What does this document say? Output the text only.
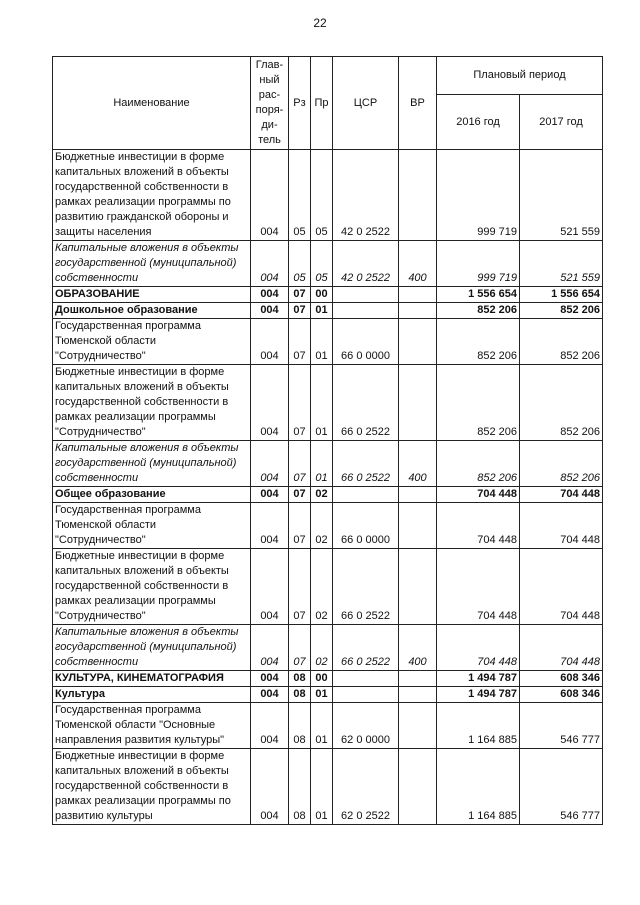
22
Наименование	Глав-ный рас-поря-ди-тель	Рз	Пр	ЦСР	ВР	Плановый период	
						2016 год	2017 год
Бюджетные инвестиции в форме капитальных вложений в объекты государственной собственности в рамках реализации программы по развитию гражданской обороны и защиты населения	004	05	05	42 0 2522		999 719	521 559
Капитальные вложения в объекты государственной (муниципальной) собственности	004	05	05	42 0 2522	400	999 719	521 559
ОБРАЗОВАНИЕ	004	07	00			1 556 654	1 556 654
Дошкольное образование	004	07	01			852 206	852 206
Государственная программа Тюменской области "Сотрудничество"	004	07	01	66 0 0000		852 206	852 206
Бюджетные инвестиции в форме капитальных вложений в объекты государственной собственности в рамках реализации программы "Сотрудничество"	004	07	01	66 0 2522		852 206	852 206
Капитальные вложения в объекты государственной (муниципальной) собственности	004	07	01	66 0 2522	400	852 206	852 206
Общее образование	004	07	02			704 448	704 448
Государственная программа Тюменской области "Сотрудничество"	004	07	02	66 0 0000		704 448	704 448
Бюджетные инвестиции в форме капитальных вложений в объекты государственной собственности в рамках реализации программы "Сотрудничество"	004	07	02	66 0 2522		704 448	704 448
Капитальные вложения в объекты государственной (муниципальной) собственности	004	07	02	66 0 2522	400	704 448	704 448
КУЛЬТУРА, КИНЕМАТОГРАФИЯ	004	08	00			1 494 787	608 346
Культура	004	08	01			1 494 787	608 346
Государственная программа Тюменской области "Основные направления развития культуры"	004	08	01	62 0 0000		1 164 885	546 777
Бюджетные инвестиции в форме капитальных вложений в объекты государственной собственности в рамках реализации программы по развитию культуры	004	08	01	62 0 2522		1 164 885	546 777
